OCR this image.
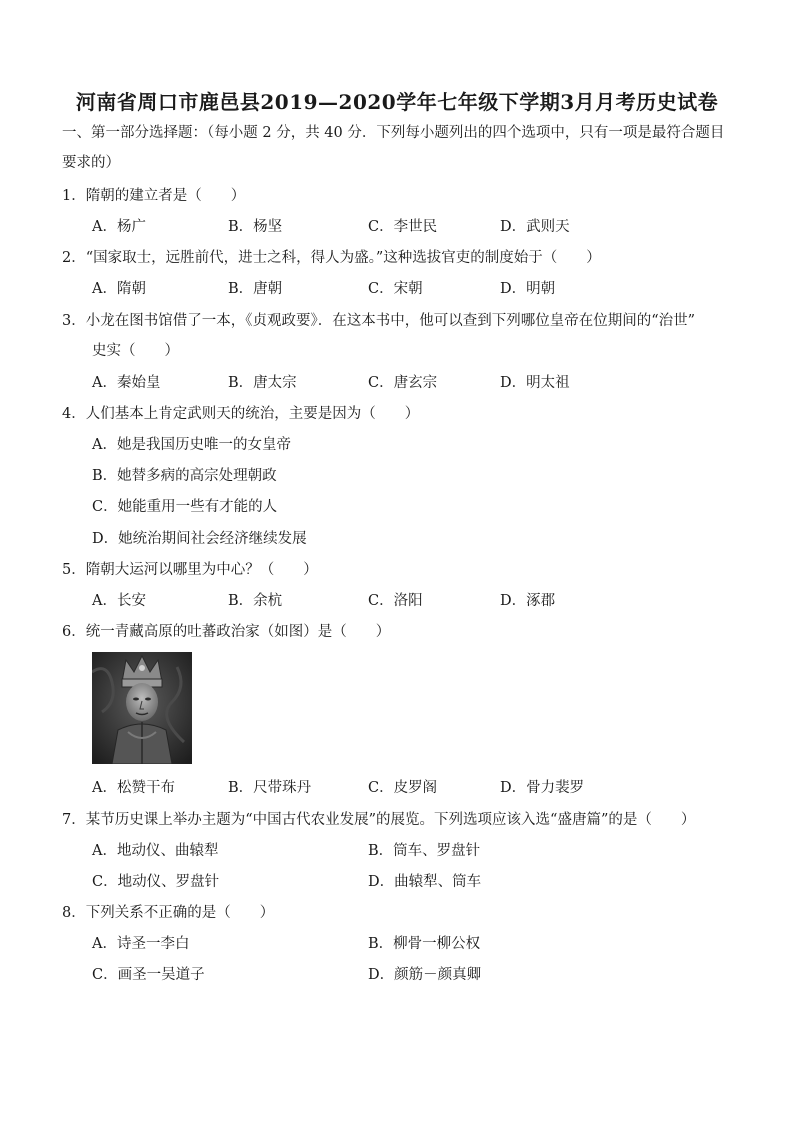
河南省周口市鹿邑县2019—2020学年七年级下学期3月月考历史试卷
一、第一部分选择题：（每小题 2 分，共 40 分．下列每小题列出的四个选项中，只有一项是最符合题目
要求的）
1．隋朝的建立者是（　　）
A．杨广	B．杨坚	C．李世民	D．武则天
2．“国家取士，远胜前代，进士之科，得人为盛。”这种选拔官吏的制度始于（　　）
A．隋朝	B．唐朝	C．宋朝	D．明朝
3．小龙在图书馆借了一本，《贞观政要》．在这本书中，他可以查到下列哪位皇帝在位期间的“治世”
史实（　　）
A．秦始皇	B．唐太宗	C．唐玄宗	D．明太祖
4．人们基本上肯定武则天的统治，主要是因为（　　）
A．她是我国历史唯一的女皇帝
B．她替多病的高宗处理朝政
C．她能重用一些有才能的人
D．她统治期间社会经济继续发展
5．隋朝大运河以哪里为中心？（　　）
A．长安	B．余杭	C．洛阳	D．涿郡
6．统一青藏高原的吐蕃政治家（如图）是（　　）
A．松赞干布	B．尺带珠丹	C．皮罗阁	D．骨力裴罗
7．某节历史课上举办主题为“中国古代农业发展”的展览。下列选项应该入选“盛唐篇”的是（　　）
A．地动仪、曲辕犁	B．筒车、罗盘针
C．地动仪、罗盘针	D．曲辕犁、筒车
8．下列关系不正确的是（　　）
A．诗圣一李白	B．柳骨一柳公权
C．画圣一吴道子	D．颜筋－颜真卿
